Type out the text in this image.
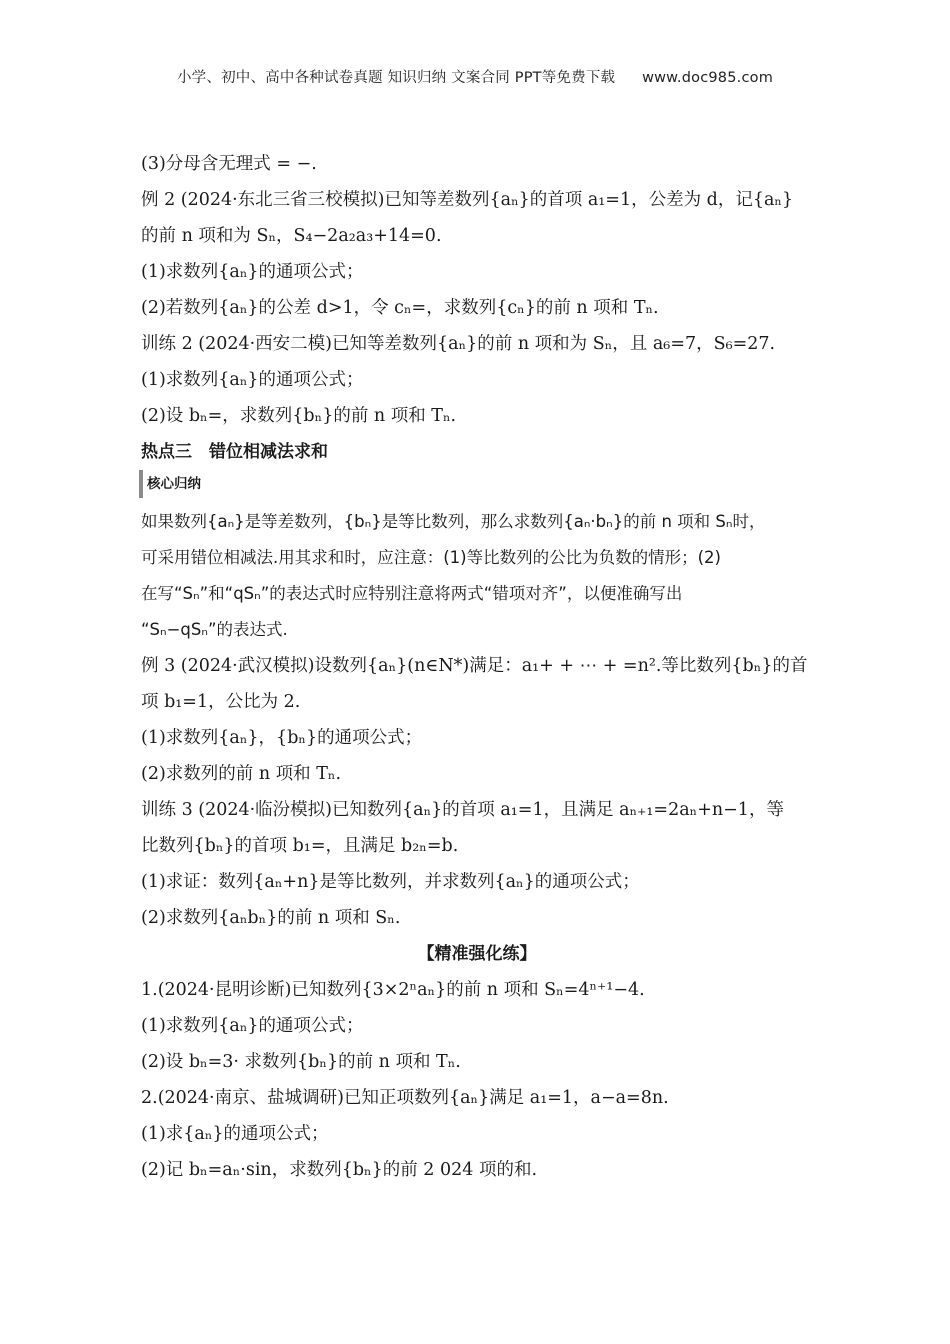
小学、初中、高中各种试卷真题 知识归纳 文案合同 PPT等免费下载 www.doc985.com
(3)分母含无理式 = −.
例 2 (2024·东北三省三校模拟)已知等差数列{aₙ}的首项 a₁=1，公差为 d，记{aₙ}
的前 n 项和为 Sₙ，S₄−2a₂a₃+14=0.
(1)求数列{aₙ}的通项公式；
(2)若数列{aₙ}的公差 d>1，令 cₙ=，求数列{cₙ}的前 n 项和 Tₙ.
训练 2 (2024·西安二模)已知等差数列{aₙ}的前 n 项和为 Sₙ，且 a₆=7，S₆=27.
(1)求数列{aₙ}的通项公式；
(2)设 bₙ=，求数列{bₙ}的前 n 项和 Tₙ.
热点三　错位相减法求和
核心归纳
如果数列{aₙ}是等差数列，{bₙ}是等比数列，那么求数列{aₙ·bₙ}的前 n 项和 Sₙ时，
可采用错位相减法.用其求和时，应注意：(1)等比数列的公比为负数的情形；(2)
在写“Sₙ”和“qSₙ”的表达式时应特别注意将两式“错项对齐”，以便准确写出
“Sₙ−qSₙ”的表达式.
例 3 (2024·武汉模拟)设数列{aₙ}(n∈N*)满足：a₁+ + ⋯ + =n².等比数列{bₙ}的首
项 b₁=1，公比为 2.
(1)求数列{aₙ}，{bₙ}的通项公式；
(2)求数列的前 n 项和 Tₙ.
训练 3 (2024·临汾模拟)已知数列{aₙ}的首项 a₁=1，且满足 aₙ₊₁=2aₙ+n−1，等
比数列{bₙ}的首项 b₁=，且满足 b₂ₙ=b.
(1)求证：数列{aₙ+n}是等比数列，并求数列{aₙ}的通项公式；
(2)求数列{aₙbₙ}的前 n 项和 Sₙ.
【精准强化练】
1.(2024·昆明诊断)已知数列{3×2ⁿaₙ}的前 n 项和 Sₙ=4ⁿ⁺¹−4.
(1)求数列{aₙ}的通项公式；
(2)设 bₙ=3· 求数列{bₙ}的前 n 项和 Tₙ.
2.(2024·南京、盐城调研)已知正项数列{aₙ}满足 a₁=1，a−a=8n.
(1)求{aₙ}的通项公式；
(2)记 bₙ=aₙ·sin，求数列{bₙ}的前 2 024 项的和.
